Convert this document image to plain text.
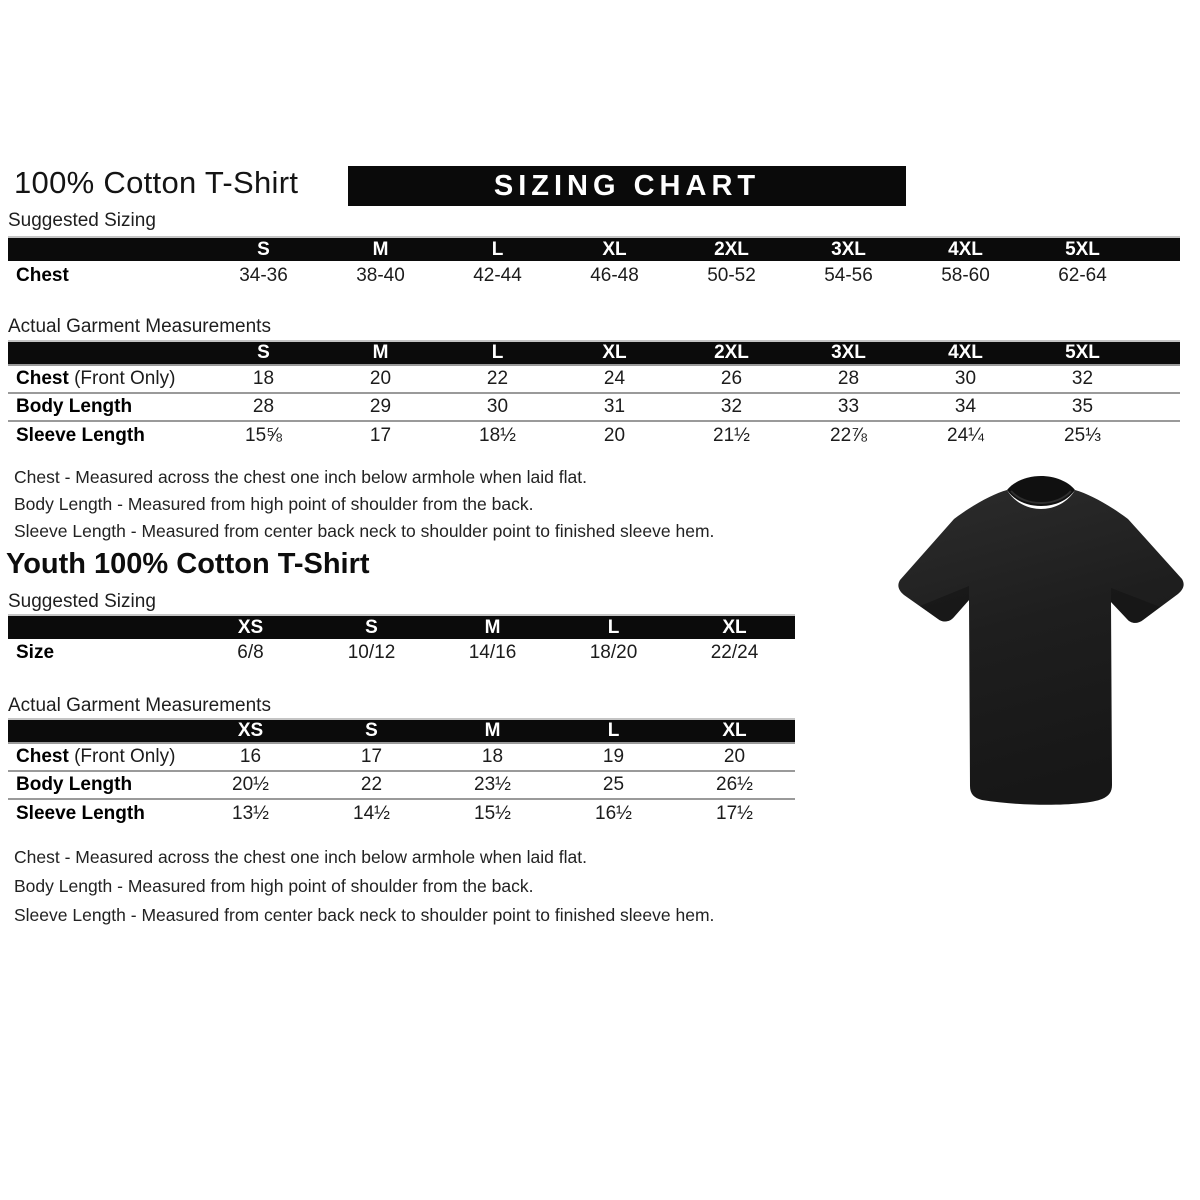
100% Cotton T-Shirt	SIZING CHART
Suggested Sizing
	S	M	L	XL	2XL	3XL	4XL	5XL	
Chest	34-36	38-40	42-44	46-48	50-52	54-56	58-60	62-64	
Actual Garment Measurements
	S	M	L	XL	2XL	3XL	4XL	5XL	
Chest (Front Only)	18	20	22	24	26	28	30	32	
Body Length	28	29	30	31	32	33	34	35	
Sleeve Length	15⅝	17	18½	20	21½	22⅞	24¼	25⅓	
Chest - Measured across the chest one inch below armhole when laid flat.
Body Length - Measured from high point of shoulder from the back.
Sleeve Length - Measured from center back neck to shoulder point to finished sleeve hem.
Youth 100% Cotton T-Shirt
Suggested Sizing
	XS	S	M	L	XL
Size	6/8	10/12	14/16	18/20	22/24
Actual Garment Measurements
	XS	S	M	L	XL
Chest (Front Only)	16	17	18	19	20
Body Length	20½	22	23½	25	26½
Sleeve Length	13½	14½	15½	16½	17½
Chest - Measured across the chest one inch below armhole when laid flat.
Body Length - Measured from high point of shoulder from the back.
Sleeve Length - Measured from center back neck to shoulder point to finished sleeve hem.
